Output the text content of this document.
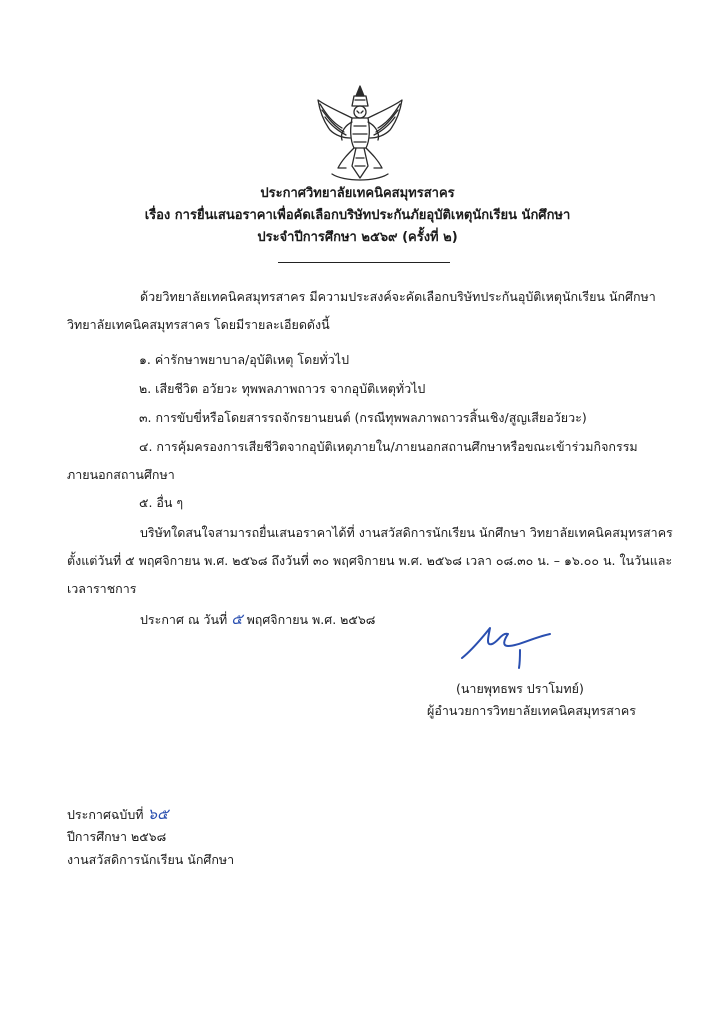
ประกาศวิทยาลัยเทคนิคสมุทรสาคร
เรื่อง การยื่นเสนอราคาเพื่อคัดเลือกบริษัทประกันภัยอุบัติเหตุนักเรียน นักศึกษา
ประจำปีการศึกษา ๒๕๖๙ (ครั้งที่ ๒)
ด้วยวิทยาลัยเทคนิคสมุทรสาคร มีความประสงค์จะคัดเลือกบริษัทประกันอุบัติเหตุนักเรียน นักศึกษา
วิทยาลัยเทคนิคสมุทรสาคร โดยมีรายละเอียดดังนี้
๑. ค่ารักษาพยาบาล/อุบัติเหตุ โดยทั่วไป
๒. เสียชีวิต อวัยวะ ทุพพลภาพถาวร จากอุบัติเหตุทั่วไป
๓. การขับขี่หรือโดยสารรถจักรยานยนต์ (กรณีทุพพลภาพถาวรสิ้นเชิง/สูญเสียอวัยวะ)
๔. การคุ้มครองการเสียชีวิตจากอุบัติเหตุภายใน/ภายนอกสถานศึกษาหรือขณะเข้าร่วมกิจกรรม
ภายนอกสถานศึกษา
๕. อื่น ๆ
บริษัทใดสนใจสามารถยื่นเสนอราคาได้ที่ งานสวัสดิการนักเรียน นักศึกษา วิทยาลัยเทคนิคสมุทรสาคร
ตั้งแต่วันที่ ๕ พฤศจิกายน พ.ศ. ๒๕๖๘ ถึงวันที่ ๓๐ พฤศจิกายน พ.ศ. ๒๕๖๘ เวลา ๐๘.๓๐ น. – ๑๖.๐๐ น. ในวันและ
เวลาราชการ
ประกาศ ณ วันที่ ๕ พฤศจิกายน พ.ศ. ๒๕๖๘
(นายพุทธพร ปราโมทย์)
ผู้อำนวยการวิทยาลัยเทคนิคสมุทรสาคร
ประกาศฉบับที่ ๖๕
ปีการศึกษา ๒๕๖๘
งานสวัสดิการนักเรียน นักศึกษา
